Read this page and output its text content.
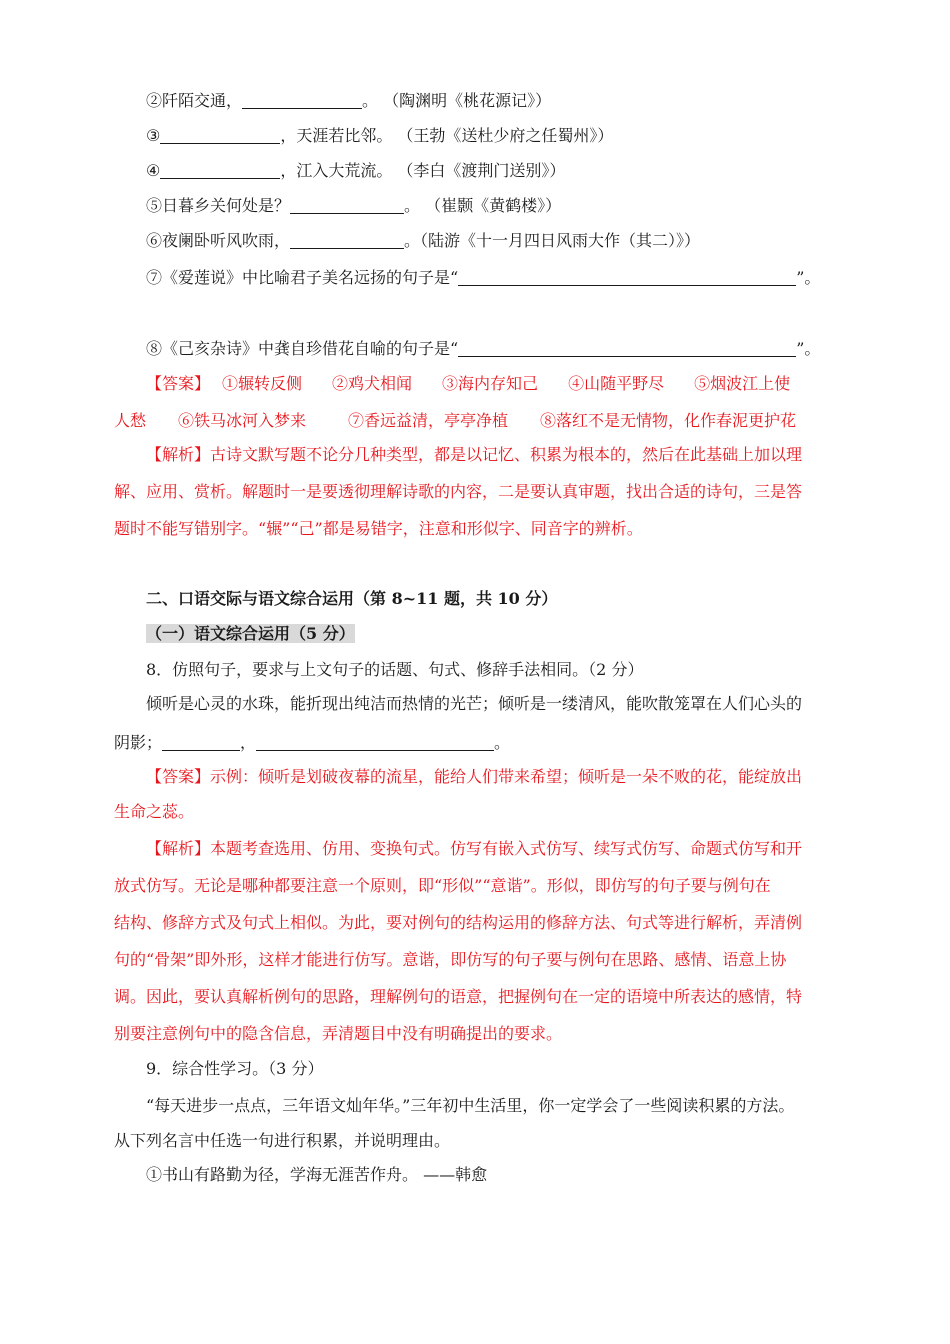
②阡陌交通，	。 （陶渊明《桃花源记》）
③	，天涯若比邻。 （王勃《送杜少府之任蜀州》）
④	，江入大荒流。 （李白《渡荆门送别》）
⑤日暮乡关何处是？	。 （崔颢《黄鹤楼》）
⑥夜阑卧听风吹雨，	。（陆游《十一月四日风雨大作（其二）》）
⑦《爱莲说》中比喻君子美名远扬的句子是“	”。
⑧《己亥杂诗》中龚自珍借花自喻的句子是“	”。
【答案】 ①辗转反侧 ②鸡犬相闻 ③海内存知己 ④山随平野尽 ⑤烟波江上使
人愁 ⑥铁马冰河入梦来	⑦香远益清，亭亭净植 ⑧落红不是无情物，化作春泥更护花
【解析】古诗文默写题不论分几种类型，都是以记忆、积累为根本的，然后在此基础上加以理
解、应用、赏析。解题时一是要透彻理解诗歌的内容，二是要认真审题，找出合适的诗句，三是答
题时不能写错别字。“辗”“己”都是易错字，注意和形似字、同音字的辨析。
二、口语交际与语文综合运用（第 8~11 题，共 10 分）
（一）语文综合运用（5 分）
8．仿照句子，要求与上文句子的话题、句式、修辞手法相同。（2 分）
倾听是心灵的水珠，能折现出纯洁而热情的光芒；倾听是一缕清风，能吹散笼罩在人们心头的
阴影；	，	。
【答案】示例：倾听是划破夜幕的流星，能给人们带来希望；倾听是一朵不败的花，能绽放出
生命之蕊。
【解析】本题考查选用、仿用、变换句式。仿写有嵌入式仿写、续写式仿写、命题式仿写和开
放式仿写。无论是哪种都要注意一个原则，即“形似”“意谐”。形似，即仿写的句子要与例句在
结构、修辞方式及句式上相似。为此，要对例句的结构运用的修辞方法、句式等进行解析，弄清例
句的“骨架”即外形，这样才能进行仿写。意谐，即仿写的句子要与例句在思路、感情、语意上协
调。因此，要认真解析例句的思路，理解例句的语意，把握例句在一定的语境中所表达的感情，特
别要注意例句中的隐含信息，弄清题目中没有明确提出的要求。
9．综合性学习。（3 分）
“每天进步一点点，三年语文灿年华。”三年初中生活里，你一定学会了一些阅读积累的方法。
从下列名言中任选一句进行积累，并说明理由。
①书山有路勤为径，学海无涯苦作舟。 ——韩愈
